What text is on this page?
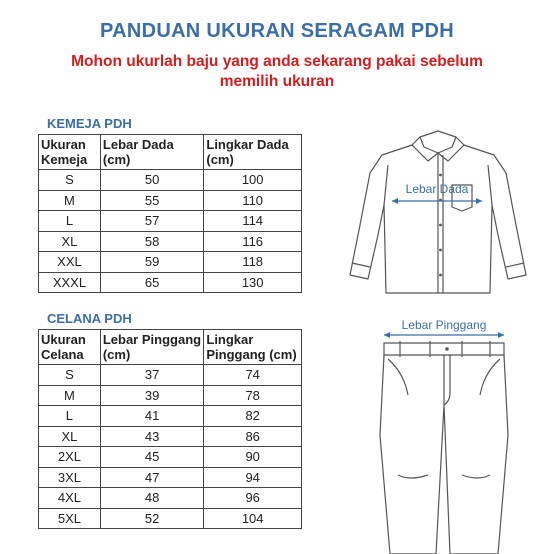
PANDUAN UKURAN SERAGAM PDH
Mohon ukurlah baju yang anda sekarang pakai sebelum
memilih ukuran
KEMEJA PDH
Ukuran Kemeja	Lebar Dada (cm)	Lingkar Dada (cm)
S	50	100
M	55	110
L	57	114
XL	58	116
XXL	59	118
XXXL	65	130
CELANA PDH
Ukuran Celana	Lebar Pinggang (cm)	Lingkar Pinggang (cm)
S	37	74
M	39	78
L	41	82
XL	43	86
2XL	45	90
3XL	47	94
4XL	48	96
5XL	52	104
Lebar Dada
Lebar Pinggang
